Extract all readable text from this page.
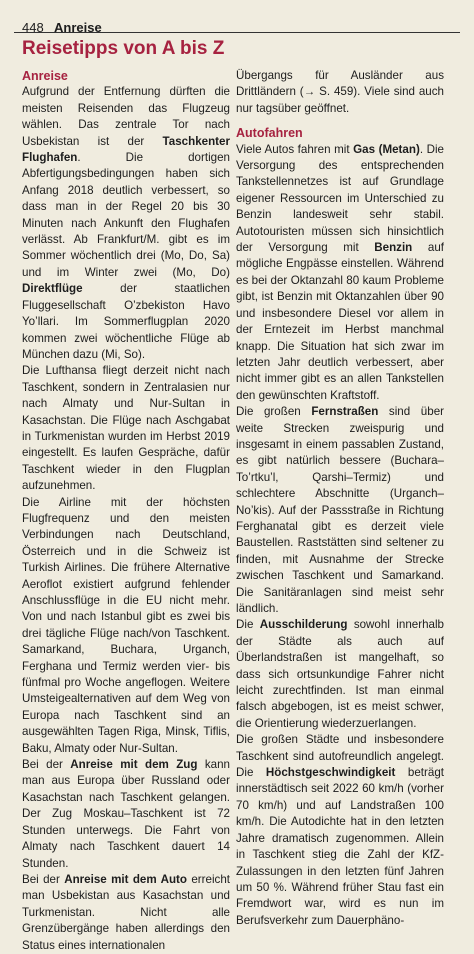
448 Anreise
Reisetipps von A bis Z
Anreise

Aufgrund der Entfernung dürften die meisten Reisenden das Flugzeug wählen. Das zentrale Tor nach Usbekistan ist der Taschkenter Flughafen. Die dortigen Abfertigungsbedingungen haben sich Anfang 2018 deutlich verbessert, so dass man in der Regel 20 bis 30 Minuten nach Ankunft den Flughafen verlässt. Ab Frankfurt/M. gibt es im Sommer wöchentlich drei (Mo, Do, Sa) und im Winter zwei (Mo, Do) Direktflüge der staatlichen Fluggesellschaft O’zbekiston Havo Yo’llari. Im Sommerflugplan 2020 kommen zwei wöchentliche Flüge ab München dazu (Mi, So).

Die Lufthansa fliegt derzeit nicht nach Taschkent, sondern in Zentralasien nur nach Almaty und Nur-Sultan in Kasachstan. Die Flüge nach Aschgabat in Turkmenistan wurden im Herbst 2019 eingestellt. Es laufen Gespräche, dafür Taschkent wieder in den Flugplan aufzunehmen.

Die Airline mit der höchsten Flugfrequenz und den meisten Verbindungen nach Deutschland, Österreich und in die Schweiz ist Turkish Airlines. Die frühere Alternative Aeroflot existiert aufgrund fehlender Anschlussflüge in die EU nicht mehr. Von und nach Istanbul gibt es zwei bis drei tägliche Flüge nach/von Taschkent. Samarkand, Buchara, Urganch, Ferghana und Termiz werden vier- bis fünfmal pro Woche angeflogen. Weitere Umsteigealternativen auf dem Weg von Europa nach Taschkent sind an ausgewählten Tagen Riga, Minsk, Tiflis, Baku, Almaty oder Nur-Sultan.

Bei der Anreise mit dem Zug kann man aus Europa über Russland oder Kasachstan nach Taschkent gelangen. Der Zug Moskau–Taschkent ist 72 Stunden unterwegs. Die Fahrt von Almaty nach Taschkent dauert 14 Stunden.

Bei der Anreise mit dem Auto erreicht man Usbekistan aus Kasachstan und Turkmenistan. Nicht alle Grenzübergänge haben allerdings den Status eines internationalen

Übergangs für Ausländer aus Drittländern (→ S. 459). Viele sind auch nur tagsüber geöffnet.

Autofahren

Viele Autos fahren mit Gas (Metan). Die Versorgung des entsprechenden Tankstellennetzes ist auf Grundlage eigener Ressourcen im Unterschied zu Benzin landesweit sehr stabil. Autotouristen müssen sich hinsichtlich der Versorgung mit Benzin auf mögliche Engpässe einstellen. Während es bei der Oktanzahl 80 kaum Probleme gibt, ist Benzin mit Oktanzahlen über 90 und insbesondere Diesel vor allem in der Erntezeit im Herbst manchmal knapp. Die Situation hat sich zwar im letzten Jahr deutlich verbessert, aber nicht immer gibt es an allen Tankstellen den gewünschten Kraftstoff.

Die großen Fernstraßen sind über weite Strecken zweispurig und insgesamt in einem passablen Zustand, es gibt natürlich bessere (Buchara–To’rtku’l, Qarshi–Termiz) und schlechtere Abschnitte (Urganch–No’kis). Auf der Passstraße in Richtung Ferghanatal gibt es derzeit viele Baustellen. Raststätten sind seltener zu finden, mit Ausnahme der Strecke zwischen Taschkent und Samarkand. Die Sanitäranlagen sind meist sehr ländlich.

Die Ausschilderung sowohl innerhalb der Städte als auch auf Überlandstraßen ist mangelhaft, so dass sich ortsunkundige Fahrer nicht leicht zurechtfinden. Ist man einmal falsch abgebogen, ist es meist schwer, die Orientierung wiederzuerlangen.

Die großen Städte und insbesondere Taschkent sind autofreundlich angelegt. Die Höchstgeschwindigkeit beträgt innerstädtisch seit 2022 60 km/h (vorher 70 km/h) und auf Landstraßen 100 km/h. Die Autodichte hat in den letzten Jahre dramatisch zugenommen. Allein in Taschkent stieg die Zahl der KfZ-Zulassungen in den letzten fünf Jahren um 50 %. Während früher Stau fast ein Fremdwort war, wird es nun im Berufsverkehr zum Dauerphäno-
